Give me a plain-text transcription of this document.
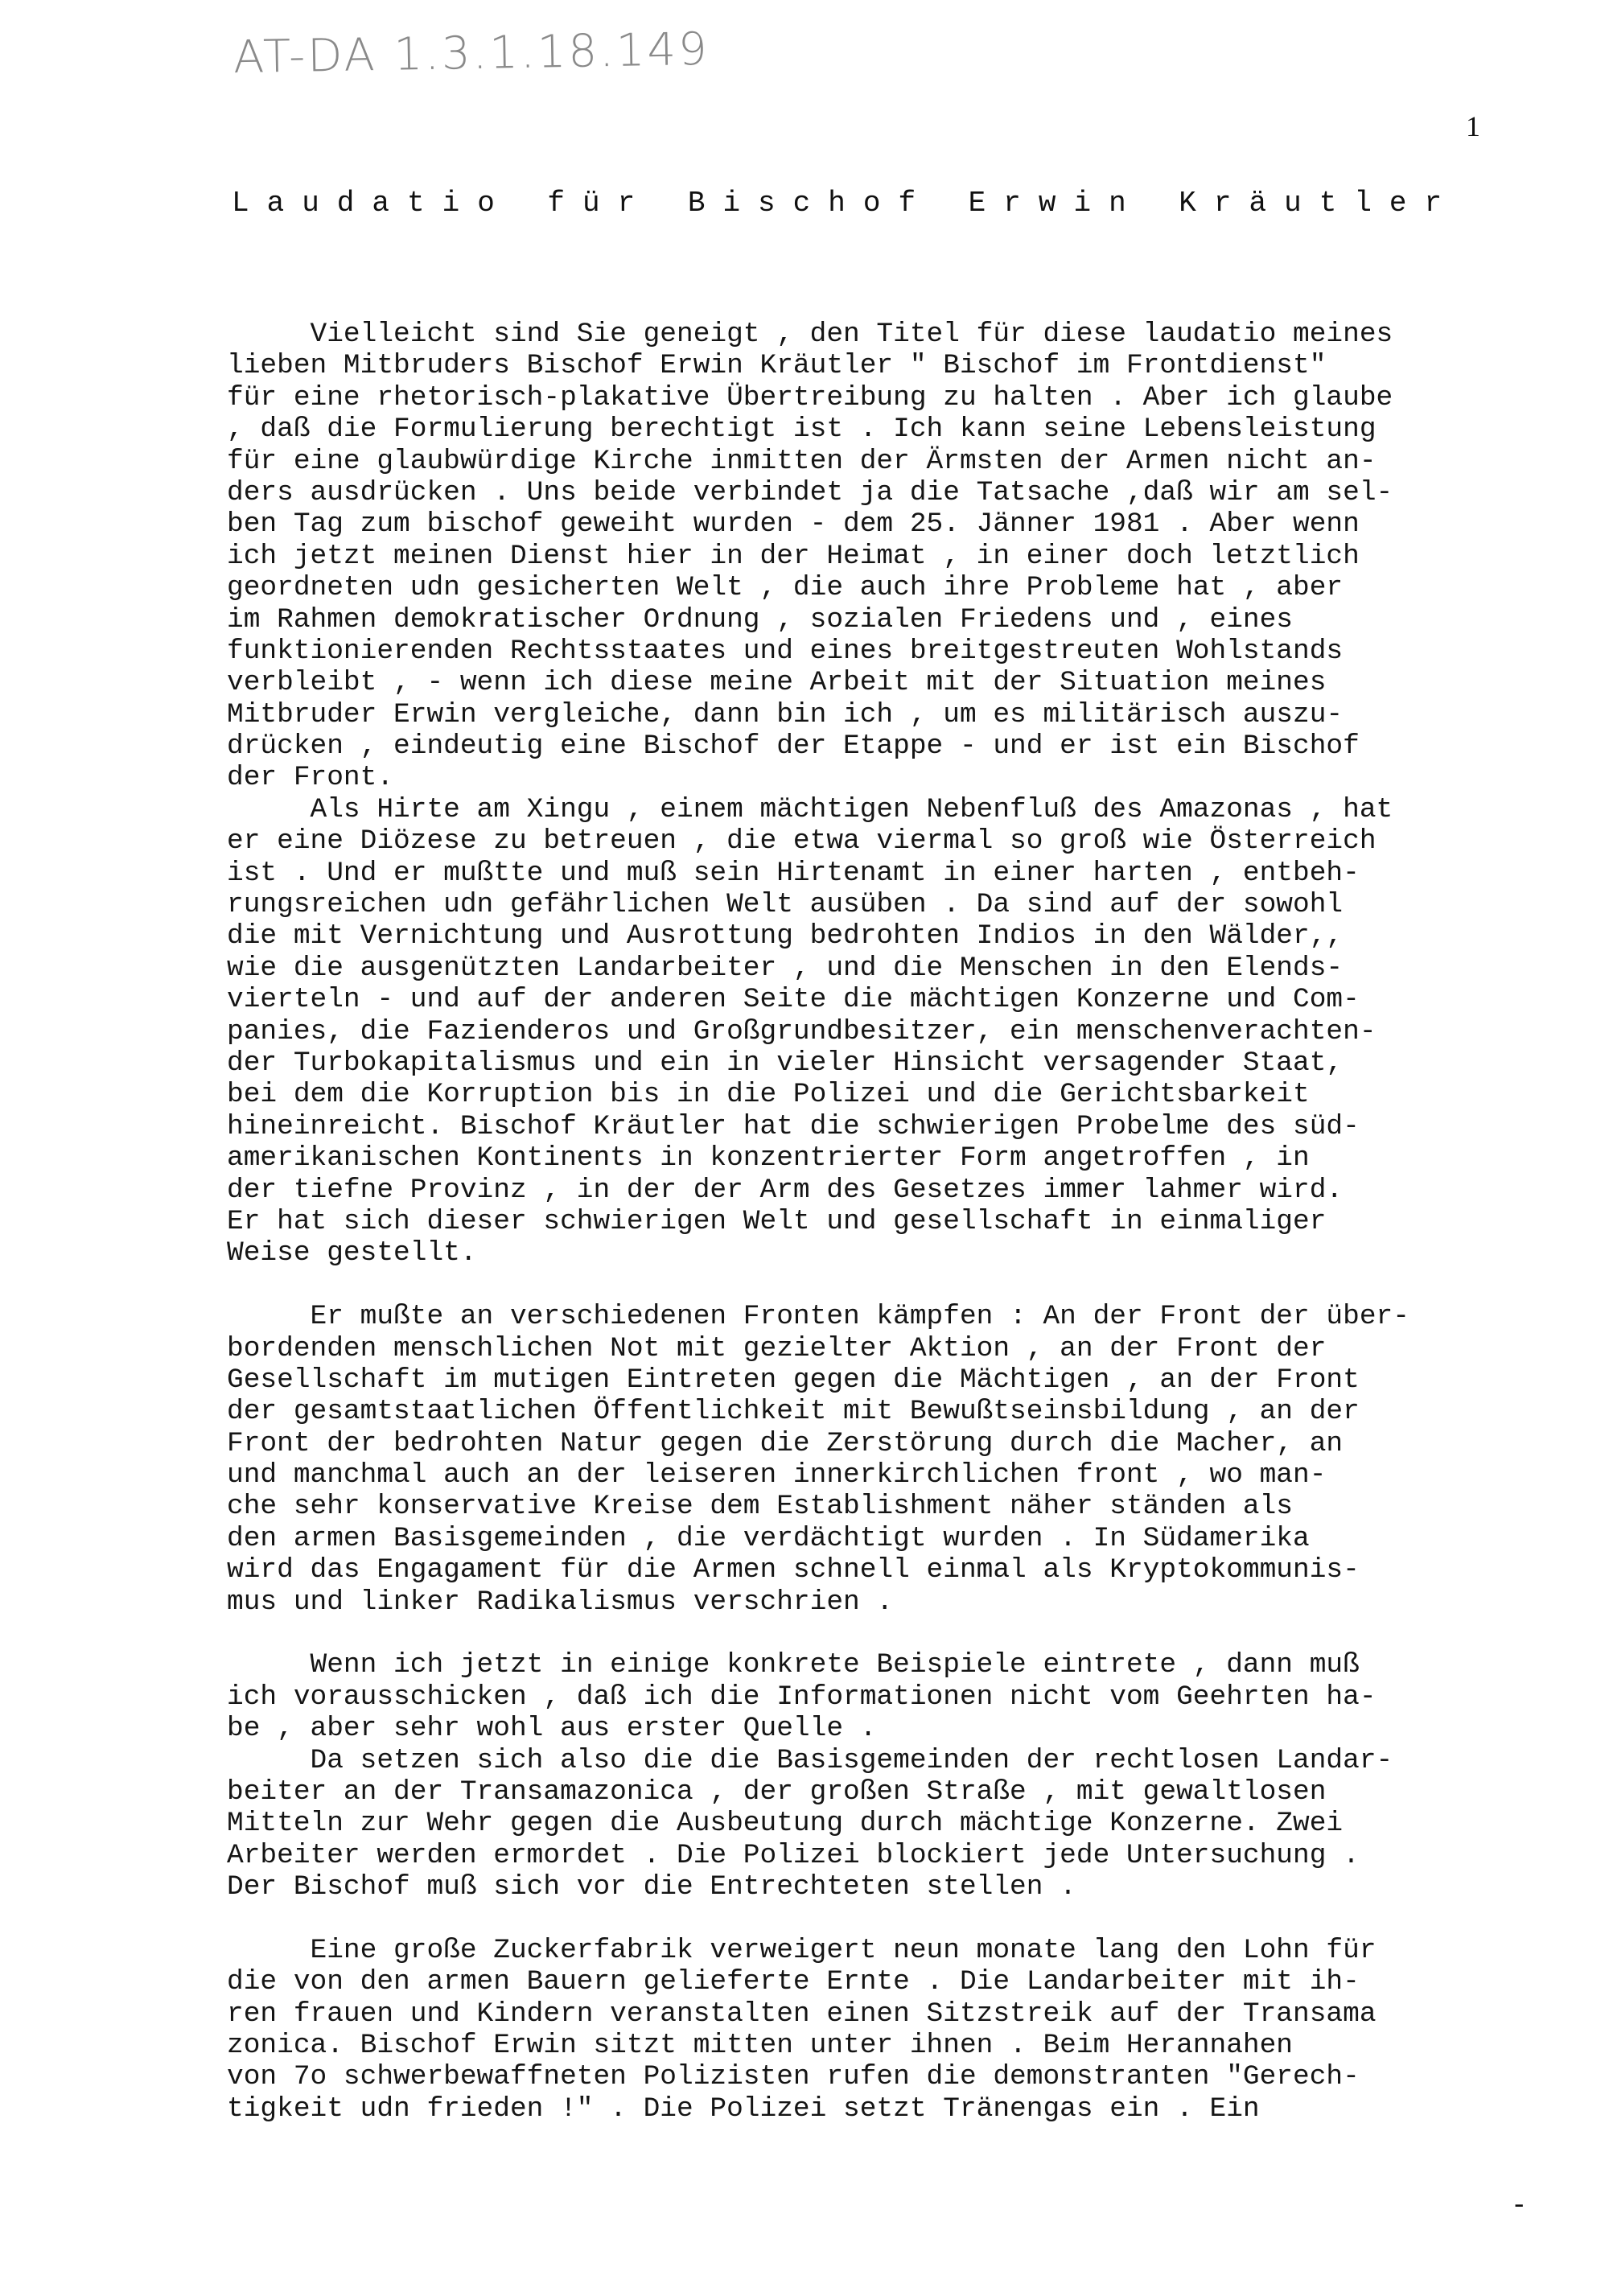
AT-DA 1.3.1.18.149
1
Laudatio für Bischof Erwin Kräutler
Vielleicht sind Sie geneigt , den Titel für diese laudatio meines
lieben Mitbruders Bischof Erwin Kräutler " Bischof im Frontdienst"
für eine rhetorisch-plakative Übertreibung zu halten . Aber ich glaube
, daß die Formulierung berechtigt ist . Ich kann seine Lebensleistung
für eine glaubwürdige Kirche inmitten der Ärmsten der Armen nicht an-
ders ausdrücken . Uns beide verbindet ja die Tatsache ,daß wir am sel-
ben Tag zum bischof geweiht wurden - dem 25. Jänner 1981 . Aber wenn
ich jetzt meinen Dienst hier in der Heimat , in einer doch letztlich
geordneten udn gesicherten Welt , die auch ihre Probleme hat , aber
im Rahmen demokratischer Ordnung , sozialen Friedens und , eines
funktionierenden Rechtsstaates und eines breitgestreuten Wohlstands
verbleibt , - wenn ich diese meine Arbeit mit der Situation meines
Mitbruder Erwin vergleiche, dann bin ich , um es militärisch auszu-
drücken , eindeutig eine Bischof der Etappe - und er ist ein Bischof
der Front.
Als Hirte am Xingu , einem mächtigen Nebenfluß des Amazonas , hat
er eine Diözese zu betreuen , die etwa viermal so groß wie Österreich
ist . Und er mußtte und muß sein Hirtenamt in einer harten , entbeh-
rungsreichen udn gefährlichen Welt ausüben . Da sind auf der sowohl
die mit Vernichtung und Ausrottung bedrohten Indios in den Wälder,,
wie die ausgenützten Landarbeiter , und die Menschen in den Elends-
vierteln - und auf der anderen Seite die mächtigen Konzerne und Com-
panies, die Fazienderos und Großgrundbesitzer, ein menschenverachten-
der Turbokapitalismus und ein in vieler Hinsicht versagender Staat,
bei dem die Korruption bis in die Polizei und die Gerichtsbarkeit
hineinreicht. Bischof Kräutler hat die schwierigen Probelme des süd-
amerikanischen Kontinents in konzentrierter Form angetroffen , in
der tiefne Provinz , in der der Arm des Gesetzes immer lahmer wird.
Er hat sich dieser schwierigen Welt und gesellschaft in einmaliger
Weise gestellt.
Er mußte an verschiedenen Fronten kämpfen : An der Front der über-
bordenden menschlichen Not mit gezielter Aktion , an der Front der
Gesellschaft im mutigen Eintreten gegen die Mächtigen , an der Front
der gesamtstaatlichen Öffentlichkeit mit Bewußtseinsbildung , an der
Front der bedrohten Natur gegen die Zerstörung durch die Macher, an
und manchmal auch an der leiseren innerkirchlichen front , wo man-
che sehr konservative Kreise dem Establishment näher ständen als
den armen Basisgemeinden , die verdächtigt wurden . In Südamerika
wird das Engagament für die Armen schnell einmal als Kryptokommunis-
mus und linker Radikalismus verschrien .
Wenn ich jetzt in einige konkrete Beispiele eintrete , dann muß
ich vorausschicken , daß ich die Informationen nicht vom Geehrten ha-
be , aber sehr wohl aus erster Quelle .
Da setzen sich also die die Basisgemeinden der rechtlosen Landar-
beiter an der Transamazonica , der großen Straße , mit gewaltlosen
Mitteln zur Wehr gegen die Ausbeutung durch mächtige Konzerne. Zwei
Arbeiter werden ermordet . Die Polizei blockiert jede Untersuchung .
Der Bischof muß sich vor die Entrechteten stellen .
Eine große Zuckerfabrik verweigert neun monate lang den Lohn für
die von den armen Bauern gelieferte Ernte . Die Landarbeiter mit ih-
ren frauen und Kindern veranstalten einen Sitzstreik auf der Transama
zonica. Bischof Erwin sitzt mitten unter ihnen . Beim Herannahen
von 7o schwerbewaffneten Polizisten rufen die demonstranten "Gerech-
tigkeit udn frieden !" . Die Polizei setzt Tränengas ein . Ein
-
